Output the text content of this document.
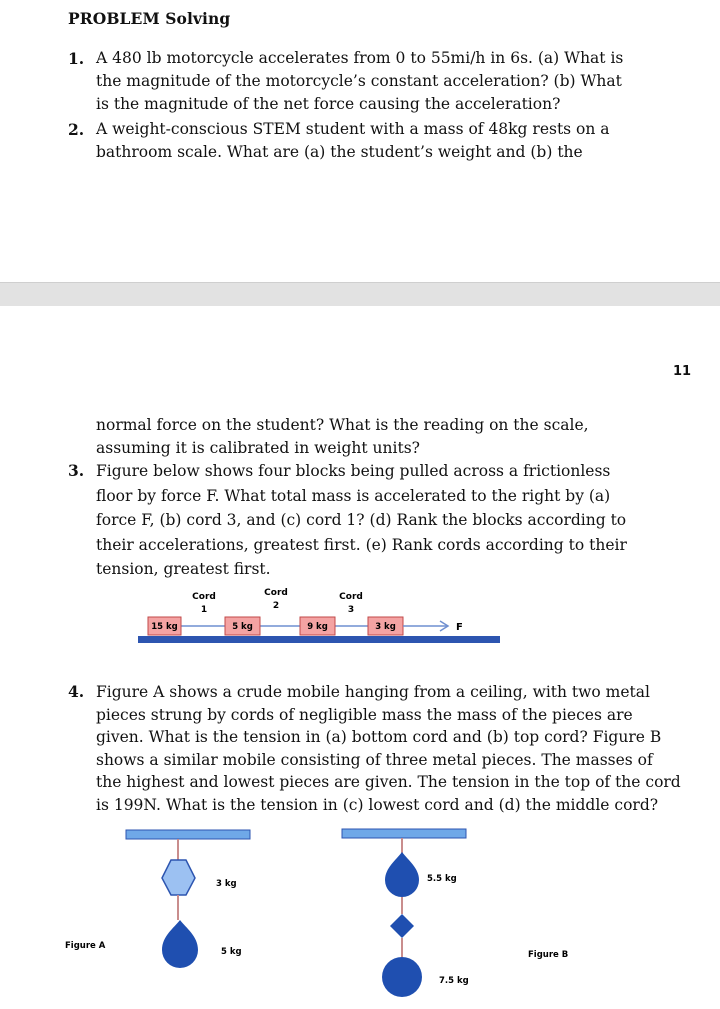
PROBLEM Solving
1. A 480 lb motorcycle accelerates from 0 to 55mi/h in 6s. (a) What is
the magnitude of the motorcycle’s constant acceleration? (b) What
is the magnitude of the net force causing the acceleration?
2. A weight-conscious STEM student with a mass of 48kg rests on a
bathroom scale. What are (a) the student’s weight and (b) the
11
normal force on the student? What is the reading on the scale,
assuming it is calibrated in weight units?
3. Figure below shows four blocks being pulled across a frictionless
floor by force F. What total mass is accelerated to the right by (a)
force F, (b) cord 3, and (c) cord 1? (d) Rank the blocks according to
their accelerations, greatest first. (e) Rank cords according to their
tension, greatest first.
Cord
1
Cord
2
Cord
3
15 kg	5 kg	9 kg	3 kg	F
4. Figure A shows a crude mobile hanging from a ceiling, with two metal
pieces strung by cords of negligible mass the mass of the pieces are
given. What is the tension in (a) bottom cord and (b) top cord? Figure B
shows a similar mobile consisting of three metal pieces. The masses of
the highest and lowest pieces are given. The tension in the top of the cord
is 199N. What is the tension in (c) lowest cord and (d) the middle cord?
3 kg
5 kg
Figure A
5.5 kg
7.5 kg
Figure B
